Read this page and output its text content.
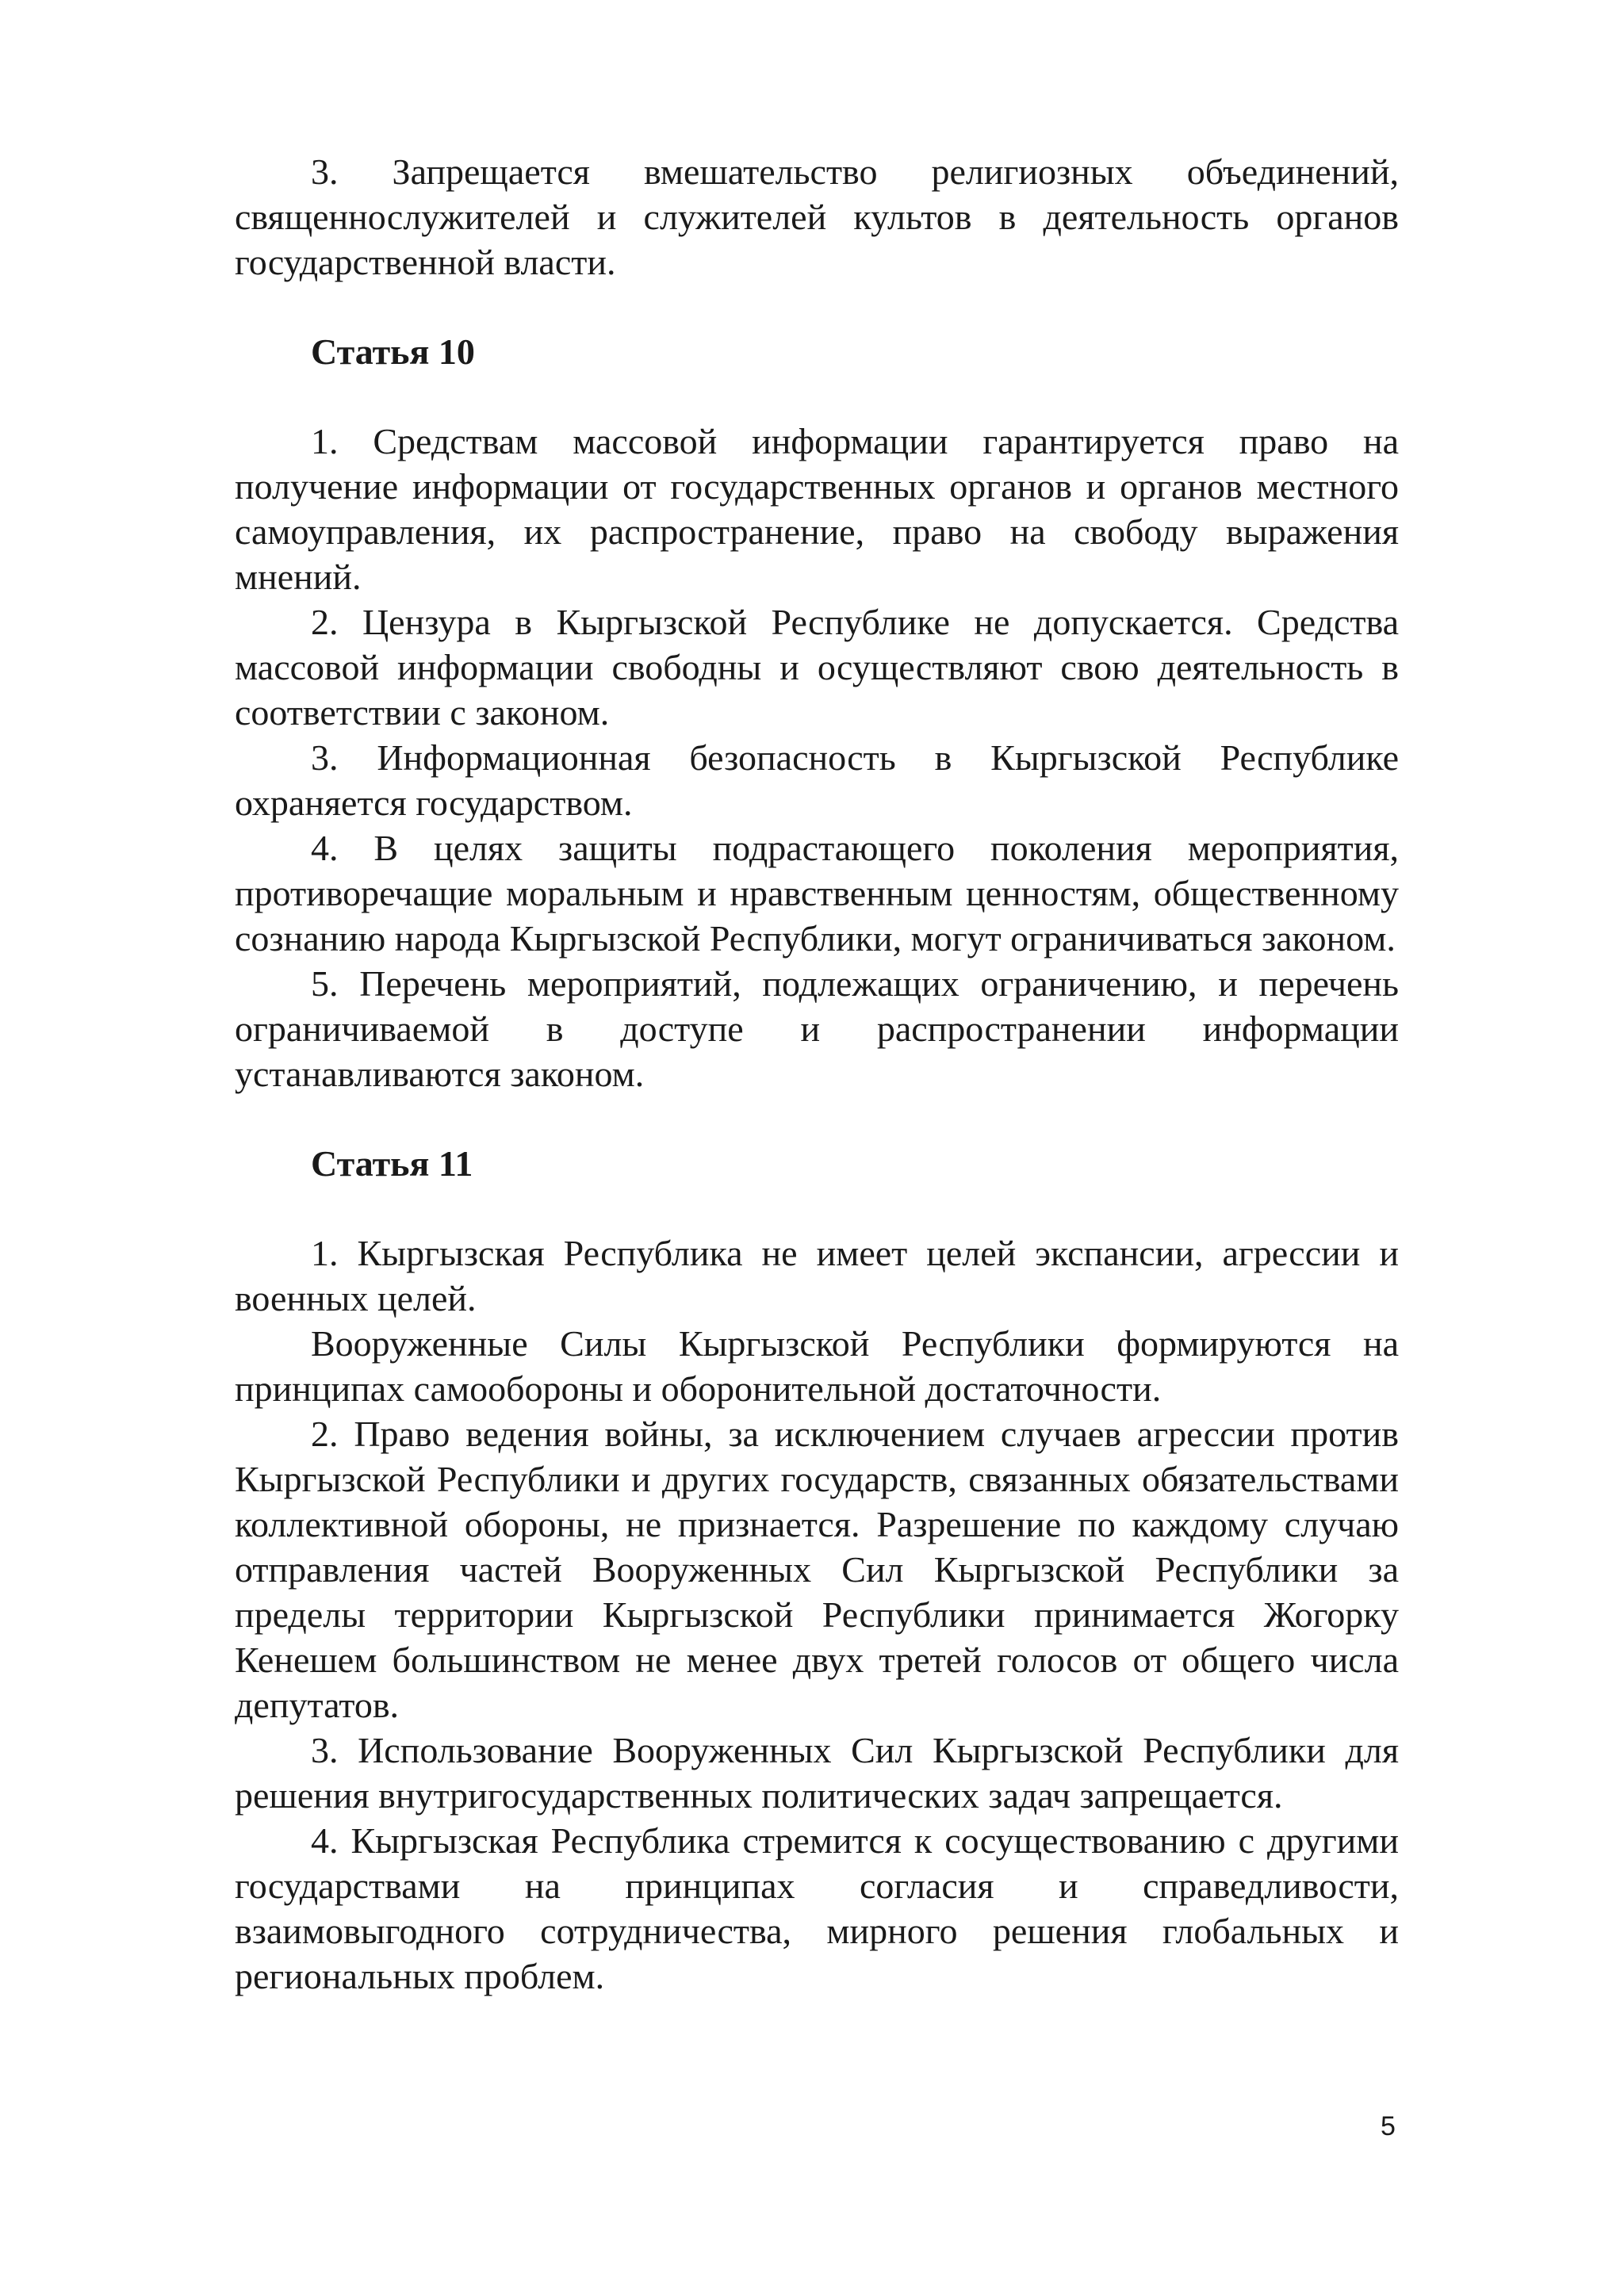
3. Запрещается вмешательство религиозных объединений, священнослужителей и служителей культов в деятельность органов государственной власти.

Статья 10

1. Средствам массовой информации гарантируется право на получение информации от государственных органов и органов местного самоуправления, их распространение, право на свободу выражения мнений.

2. Цензура в Кыргызской Республике не допускается. Средства массовой информации свободны и осуществляют свою деятельность в соответствии с законом.

3. Информационная безопасность в Кыргызской Республике охраняется государством.

4. В целях защиты подрастающего поколения мероприятия, противоречащие моральным и нравственным ценностям, общественному сознанию народа Кыргызской Республики, могут ограничиваться законом.

5. Перечень мероприятий, подлежащих ограничению, и перечень ограничиваемой в доступе и распространении информации устанавливаются законом.

Статья 11

1. Кыргызская Республика не имеет целей экспансии, агрессии и военных целей.

Вооруженные Силы Кыргызской Республики формируются на принципах самообороны и оборонительной достаточности.

2. Право ведения войны, за исключением случаев агрессии против Кыргызской Республики и других государств, связанных обязательствами коллективной обороны, не признается. Разрешение по каждому случаю отправления частей Вооруженных Сил Кыргызской Республики за пределы территории Кыргызской Республики принимается Жогорку Кенешем большинством не менее двух третей голосов от общего числа депутатов.

3. Использование Вооруженных Сил Кыргызской Республики для решения внутригосударственных политических задач запрещается.

4. Кыргызская Республика стремится к сосуществованию с другими государствами на принципах согласия и справедливости, взаимовыгодного сотрудничества, мирного решения глобальных и региональных проблем.

5
